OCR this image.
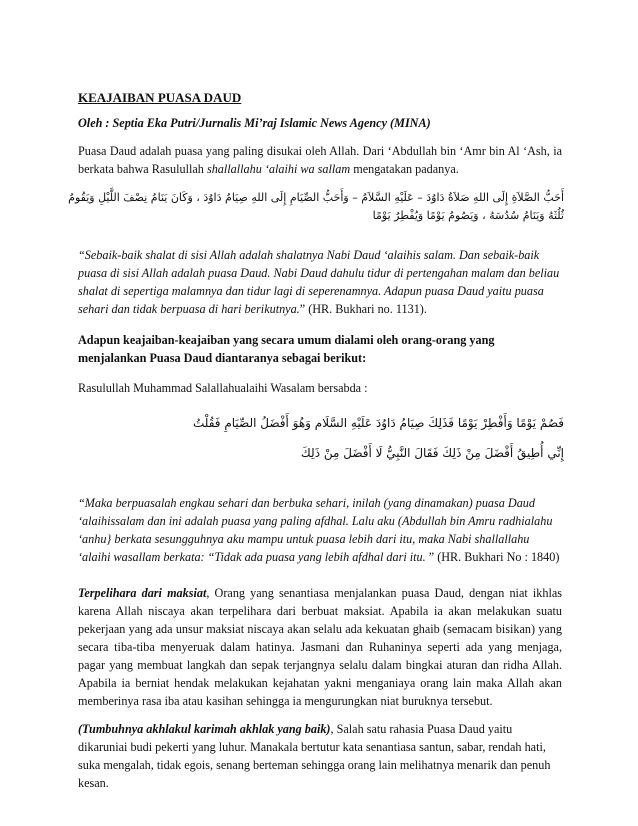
KEAJAIBAN PUASA DAUD

Oleh : Septia Eka Putri/Jurnalis Mi’raj Islamic News Agency (MINA)

Puasa Daud adalah puasa yang paling disukai oleh Allah. Dari ‘Abdullah bin ‘Amr bin Al ‘Ash, ia berkata bahwa Rasulullah shallallahu ‘alaihi wa sallam mengatakan padanya.

أَحَبُّ الصَّلاَةِ إِلَى اللهِ صَلاَةُ دَاوُدَ – عَلَيْهِ السَّلاَمُ – وَأَحَبُّ الصِّيَامِ إِلَى اللهِ صِيَامُ دَاوُدَ ، وَكَانَ يَنَامُ نِصْفَ اللَّيْلِ وَيَقُومُ ثُلُثَهُ وَيَنَامُ سُدُسَهُ ، وَيَصُومُ يَوْمًا وَيُفْطِرُ يَوْمًا

“Sebaik-baik shalat di sisi Allah adalah shalatnya Nabi Daud ‘alaihis salam. Dan sebaik-baik puasa di sisi Allah adalah puasa Daud. Nabi Daud dahulu tidur di pertengahan malam dan beliau shalat di sepertiga malamnya dan tidur lagi di seperenamnya. Adapun puasa Daud yaitu puasa sehari dan tidak berpuasa di hari berikutnya.” (HR. Bukhari no. 1131).

Adapun keajaiban-keajaiban yang secara umum dialami oleh orang-orang yang menjalankan Puasa Daud diantaranya sebagai berikut:

Rasulullah Muhammad Salallahualaihi Wasalam bersabda :

فَصُمْ يَوْمًا وَأَفْطِرْ يَوْمًا فَذَلِكَ صِيَامُ دَاوُدَ عَلَيْهِ السَّلَام وَهُوَ أَفْضَلُ الصِّيَامِ فَقُلْتُ

إِنِّي أُطِيقُ أَفْضَلَ مِنْ ذَلِكَ فَقَالَ النَّبِيُّ لَا أَفْضَلَ مِنْ ذَلِكَ

“Maka berpuasalah engkau sehari dan berbuka sehari, inilah (yang dinamakan) puasa Daud ‘alaihissalam dan ini adalah puasa yang paling afdhal. Lalu aku (Abdullah bin Amru radhialahu ‘anhu} berkata sesungguhnya aku mampu untuk puasa lebih dari itu, maka Nabi shallallahu ‘alaihi wasallam berkata: “Tidak ada puasa yang lebih afdhal dari itu. ” (HR. Bukhari No : 1840)

Terpelihara dari maksiat, Orang yang senantiasa menjalankan puasa Daud, dengan niat ikhlas karena Allah niscaya akan terpelihara dari berbuat maksiat. Apabila ia akan melakukan suatu pekerjaan yang ada unsur maksiat niscaya akan selalu ada kekuatan ghaib (semacam bisikan) yang secara tiba-tiba menyeruak dalam hatinya. Jasmani dan Ruhaninya seperti ada yang menjaga, pagar yang membuat langkah dan sepak terjangnya selalu dalam bingkai aturan dan ridha Allah. Apabila ia berniat hendak melakukan kejahatan yakni menganiaya orang lain maka Allah akan memberinya rasa iba atau kasihan sehingga ia mengurungkan niat buruknya tersebut.

(Tumbuhnya akhlakul karimah akhlak yang baik), Salah satu rahasia Puasa Daud yaitu dikaruniai budi pekerti yang luhur. Manakala bertutur kata senantiasa santun, sabar, rendah hati, suka mengalah, tidak egois, senang berteman sehingga orang lain melihatnya menarik dan penuh kesan.
